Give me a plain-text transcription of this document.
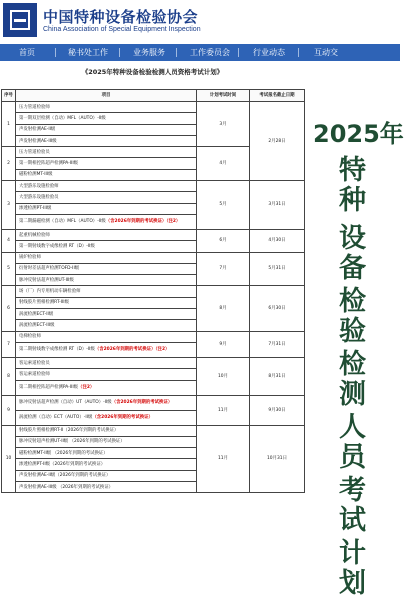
中国特种设备检验协会
China Association of Special Equipment Inspection
首页	秘书处工作	业务服务	工作委员会	行业动态	互动交
《2025年特种设备检验检测人员资格考试计划》
序号	项目	计划考试时间	考试报名截止日期
1	压力管道检验师	3月	2月28日
	第一期双层检测（自动）MFL（AUTO）-II级		
	声发射检测AE-II级		
	声发射检测AE-III级		
2	压力管道检验员	4月	
	第一期相控阵超声检测PA-III级		
	磁粉检测MT-III级		
3	大型游乐设施检验师	5月	3月31日
	大型游乐设施检验员		
	渗透检测PT-III级		
	第二期漏磁检测（自动）MFL（AUTO）-II级（含2026年到期的考试换证）（注2）		
4	起重机械检验师	6月	4月30日
	第一期射线数字成像检测 RT（D）-II级		
5	锅炉检验师	7月	5月31日
	衍射时差法超声检测TOFD-II级		
	脉冲反射法超声检测UT-III级		
6	场（厂）内专用机动车辆检验师	8月	6月30日
	射线胶片照相检测RT-III级		
	涡流检测ECT-II级		
	涡流检测ECT-III级		
7	电梯检验师	9月	7月31日
	第二期射线数字成像检测 RT（D）-II级（含2026年到期的考试换证）（注2）		
8	客运索道检验员	10月	8月31日
	客运索道检验师		
	第二期相控阵超声检测PA-III级（注2）		
9	脉冲反射法超声检测（自动）UT（AUTO）-II级（含2026年到期的考试换证）	11月	9月30日
	涡流检测（自动）ECT（AUTO）-II级（含2026年到期的考试换证）		
10	射线胶片照相检测RT-II（2026年到期的考试换证）	11月	10月31日
	脉冲反射超声检测UT-II级 （2026年到期的考试换证）		
	磁粉检测MT-II级 （2026年到期的考试换证）		
	渗透检测PT-II级（2026年到期的考试换证）		
	声发射检测AE-II级（2026年到期的考试换证）		
	声发射检测AE-III级 （2026年到期的考试换证）		
2025年
特
种
设
备
检
验
检
测
人
员
考
试
计
划
